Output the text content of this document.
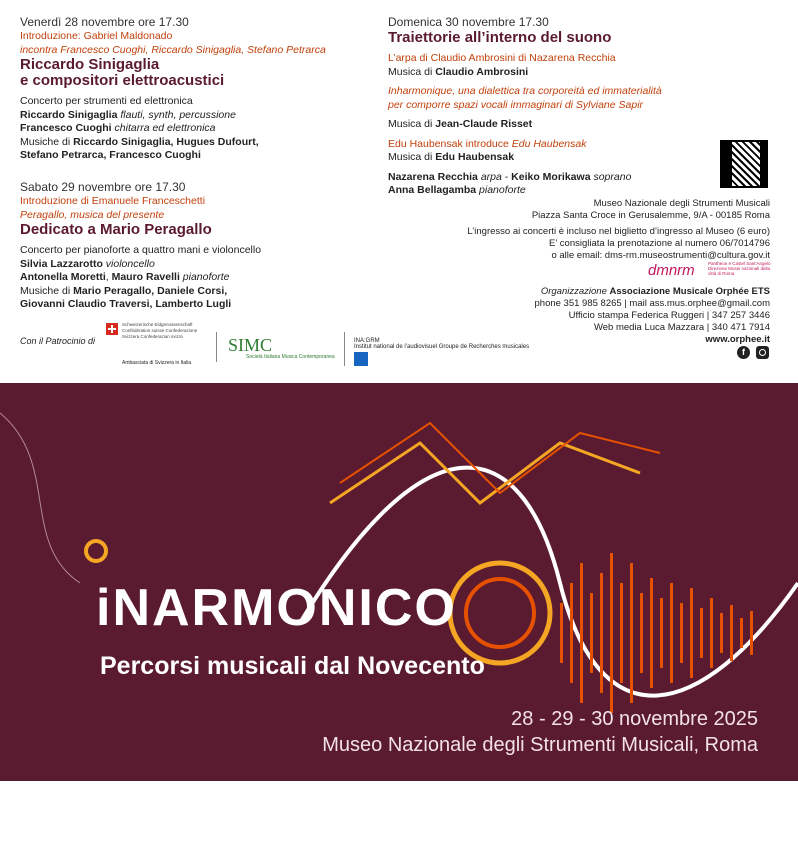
Venerdì 28 novembre ore 17.30
Introduzione: Gabriel Maldonado
incontra Francesco Cuoghi, Riccardo Sinigaglia, Stefano Petrarca
Riccardo Sinigaglia
e compositori elettroacustici
Concerto per strumenti ed elettronica
Riccardo Sinigaglia flauti, synth, percussione
Francesco Cuoghi chitarra ed elettronica
Musiche di Riccardo Sinigaglia, Hugues Dufourt,
Stefano Petrarca, Francesco Cuoghi
Sabato 29 novembre ore 17.30
Introduzione di Emanuele Franceschetti
Peragallo, musica del presente
Dedicato a Mario Peragallo
Concerto per pianoforte a quattro mani e violoncello
Silvia Lazzarotto violoncello
Antonella Moretti, Mauro Ravelli pianoforte
Musiche di Mario Peragallo, Daniele Corsi,
Giovanni Claudio Traversi, Lamberto Lugli
Domenica 30 novembre 17.30
Traiettorie all’interno del suono
L’arpa di Claudio Ambrosini di Nazarena Recchia
Musica di Claudio Ambrosini
Inharmonique, una dialettica tra corporeità ed immaterialità
per comporre spazi vocali immaginari di Sylviane Sapir
Musica di Jean-Claude Risset
Edu Haubensak introduce Edu Haubensak
Musica di Edu Haubensak
Nazarena Recchia arpa - Keiko Morikawa soprano
Anna Bellagamba pianoforte
Museo Nazionale degli Strumenti Musicali
Piazza Santa Croce in Gerusalemme, 9/A - 00185 Roma
L’ingresso ai concerti è incluso nel biglietto d’ingresso al Museo (6 euro)
E’ consigliata la prenotazione al numero 06/7014796
o alle email: dms-rm.museostrumenti@cultura.gov.it
dmnrm	Pantheon e Castel Sant’Angelo Direzione Musei nazionali della città di Roma
Organizzazione Associazione Musicale Orphée ETS
phone 351 985 8265 | mail ass.mus.orphee@gmail.com
Ufficio stampa Federica Ruggeri | 347 257 3446
Web media Luca Mazzara | 340 471 7914
www.orphee.it
f
Con il Patrocinio di
Schweizerische Eidgenossenschaft Confédération suisse Confederazione Svizzera Confederaziun svizra
Ambasciata di Svizzera in Italia
SIMC
Società Italiana Musica Contemporanea
INA:GRM
Institut national de l’audiovisuel Groupe de Recherches musicales
orphée
associazione musicale ets
MUSEO
NAZIONALE
DEGLI STRUMENTI
MUSICALI
iNARMONICO
Percorsi musicali dal Novecento
28 - 29 - 30 novembre 2025
Museo Nazionale degli Strumenti Musicali, Roma
